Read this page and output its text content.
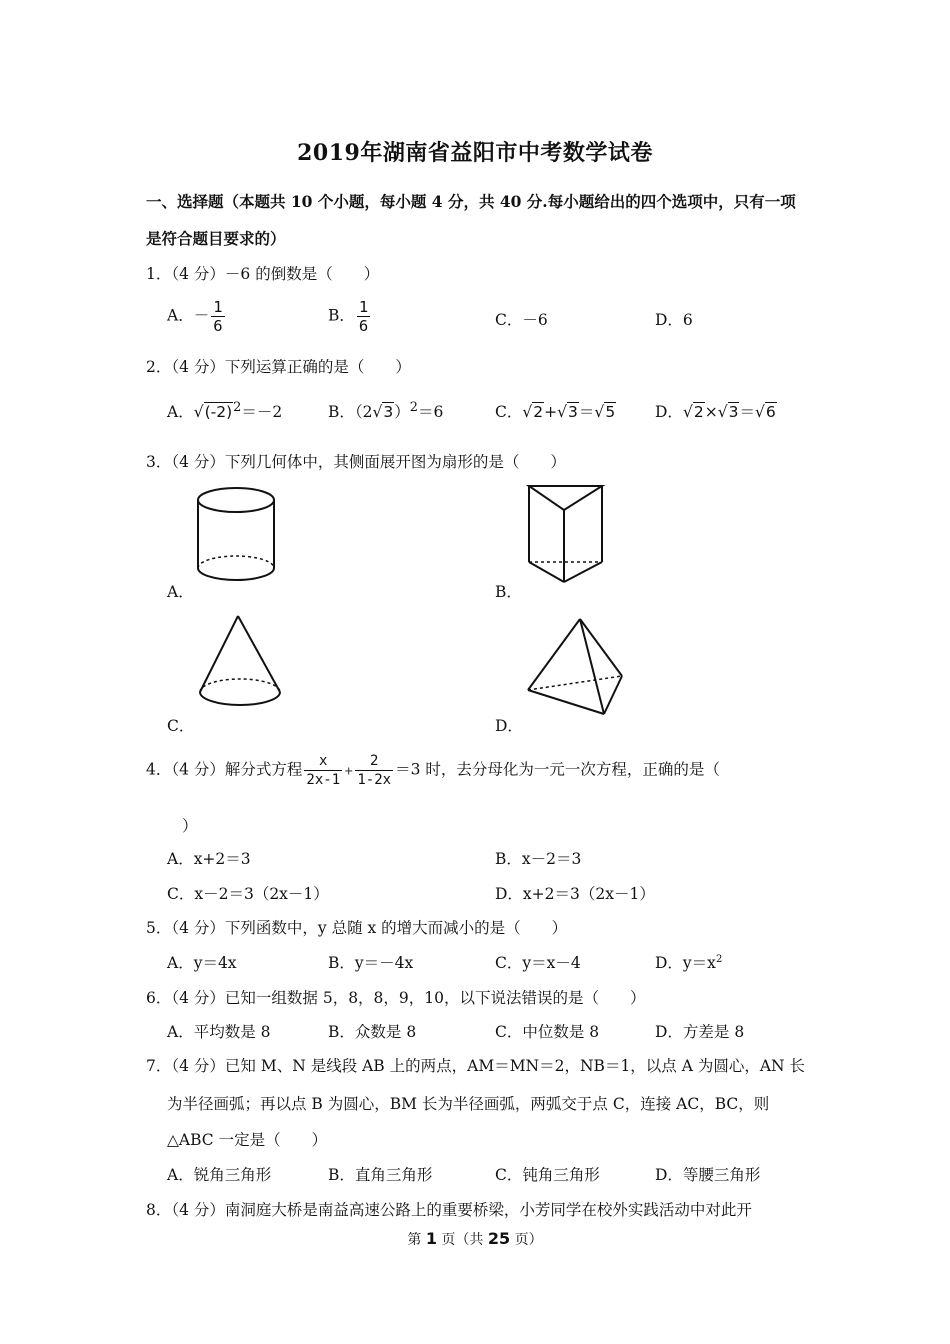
2019年湖南省益阳市中考数学试卷
一、选择题（本题共 10 个小题，每小题 4 分，共 40 分.每小题给出的四个选项中，只有一项
是符合题目要求的）
1．（4 分）－6 的倒数是（　　）
A．－ $\frac{1}{6}$	B． $\frac{1}{6}$	C．－6	D．6
2．（4 分）下列运算正确的是（　　）
A．$√(-2)^2=-2$	B．$(2√3)^2=6$	C．√2+√3＝√5	D．√2×√3＝√6
3．（4 分）下列几何体中，其侧面展开图为扇形的是（　　）
A．	B．
C．	D．
4．（4 分）解分式方程 $\frac{x}{2x-1} + \frac{2}{1-2x} =3$ 时，去分母化为一元一次方程，正确的是（
）
A．x+2＝3	B．x－2＝3
C．x－2＝3（2x－1）	D．x+2＝3（2x－1）
5．（4 分）下列函数中，y 总随 x 的增大而减小的是（　　）
A．y＝4x	B．y＝－4x	C．y＝x－4	D．$y=x^2$
6．（4 分）已知一组数据 5，8，8，9，10，以下说法错误的是（　　）
A．平均数是 8	B．众数是 8	C．中位数是 8	D．方差是 8
7．（4 分）已知 M、N 是线段 AB 上的两点，AM＝MN＝2，NB＝1，以点 A 为圆心，AN 长
为半径画弧；再以点 B 为圆心，BM 长为半径画弧，两弧交于点 C，连接 AC，BC，则
△ABC 一定是（　　）
A．锐角三角形	B．直角三角形	C．钝角三角形	D．等腰三角形
8．（4 分）南洞庭大桥是南益高速公路上的重要桥梁，小芳同学在校外实践活动中对此开
第 1 页（共 25 页）
